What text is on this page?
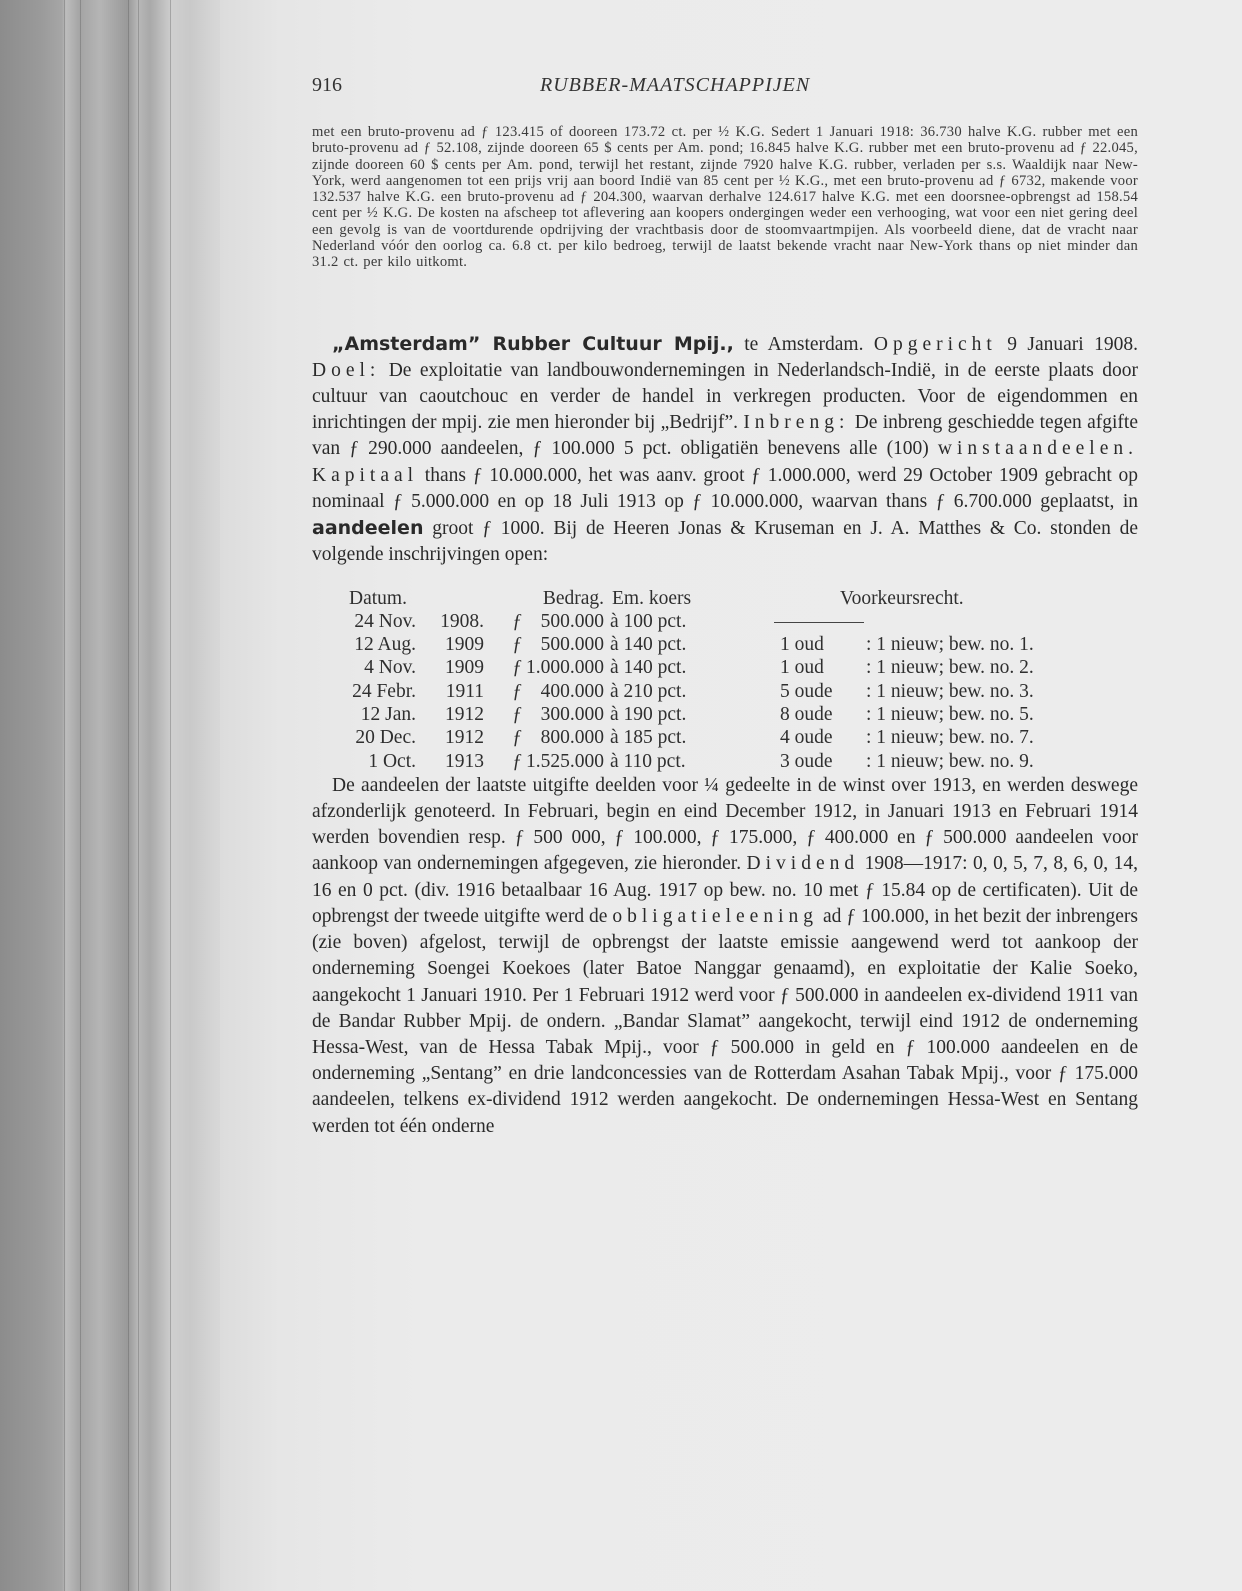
916	RUBBER-MAATSCHAPPIJEN

met een bruto-provenu ad ƒ 123.415 of dooreen 173.72 ct. per ½ K.G. Sedert 1 Januari 1918: 36.730 halve K.G. rubber met een bruto-provenu ad ƒ 52.108, zijnde dooreen 65 $ cents per Am. pond; 16.845 halve K.G. rubber met een bruto-provenu ad ƒ 22.045, zijnde dooreen 60 $ cents per Am. pond, terwijl het restant, zijnde 7920 halve K.G. rubber, verladen per s.s. Waaldijk naar New-York, werd aangenomen tot een prijs vrij aan boord Indië van 85 cent per ½ K.G., met een bruto-provenu ad ƒ 6732, makende voor 132.537 halve K.G. een bruto-provenu ad ƒ 204.300, waarvan derhalve 124.617 halve K.G. met een doorsnee-opbrengst ad 158.54 cent per ½ K.G. De kosten na afscheep tot aflevering aan koopers ondergingen weder een verhooging, wat voor een niet gering deel een gevolg is van de voortdurende opdrijving der vrachtbasis door de stoomvaartmpijen. Als voorbeeld diene, dat de vracht naar Nederland vóór den oorlog ca. 6.8 ct. per kilo bedroeg, terwijl de laatst bekende vracht naar New-York thans op niet minder dan 31.2 ct. per kilo uitkomt.

„Amsterdam” Rubber Cultuur Mpij., te Amsterdam. Opgericht 9 Januari 1908. Doel: De exploitatie van landbouwondernemingen in Nederlandsch-Indië, in de eerste plaats door cultuur van caoutchouc en verder de handel in verkregen producten. Voor de eigendommen en inrichtingen der mpij. zie men hieronder bij „Bedrijf”. Inbreng: De inbreng geschiedde tegen afgifte van ƒ 290.000 aandeelen, ƒ 100.000 5 pct. obligatiën benevens alle (100) winstaandeelen. Kapitaal thans ƒ 10.000.000, het was aanv. groot ƒ 1.000.000, werd 29 October 1909 gebracht op nominaal ƒ 5.000.000 en op 18 Juli 1913 op ƒ 10.000.000, waarvan thans ƒ 6.700.000 geplaatst, in aandeelen groot ƒ 1000. Bij de Heeren Jonas & Kruseman en J. A. Matthes & Co. stonden de volgende inschrijvingen open:

Datum.	Bedrag. Em. koers	Voorkeursrecht.
24 Nov.	1908.	ƒ 500.000 à 100 pct.
12 Aug.	1909	ƒ 500.000 à 140 pct.	1 oud	: 1 nieuw; bew. no. 1.
4 Nov.	1909	ƒ 1.000.000 à 140 pct.	1 oud	: 1 nieuw; bew. no. 2.
24 Febr.	1911	ƒ 400.000 à 210 pct.	5 oude	: 1 nieuw; bew. no. 3.
12 Jan.	1912	ƒ 300.000 à 190 pct.	8 oude	: 1 nieuw; bew. no. 5.
20 Dec.	1912	ƒ 800.000 à 185 pct.	4 oude	: 1 nieuw; bew. no. 7.
1 Oct.	1913	ƒ 1.525.000 à 110 pct.	3 oude	: 1 nieuw; bew. no. 9.

De aandeelen der laatste uitgifte deelden voor ¼ gedeelte in de winst over 1913, en werden deswege afzonderlijk genoteerd. In Februari, begin en eind December 1912, in Januari 1913 en Februari 1914 werden bovendien resp. ƒ 500 000, ƒ 100.000, ƒ 175.000, ƒ 400.000 en ƒ 500.000 aandeelen voor aankoop van ondernemingen afgegeven, zie hieronder. Dividend 1908—1917: 0, 0, 5, 7, 8, 6, 0, 14, 16 en 0 pct. (div. 1916 betaalbaar 16 Aug. 1917 op bew. no. 10 met ƒ 15.84 op de certificaten). Uit de opbrengst der tweede uitgifte werd de obligatieleening ad ƒ 100.000, in het bezit der inbrengers (zie boven) afgelost, terwijl de opbrengst der laatste emissie aangewend werd tot aankoop der onderneming Soengei Koekoes (later Batoe Nanggar genaamd), en exploitatie der Kalie Soeko, aangekocht 1 Januari 1910. Per 1 Februari 1912 werd voor ƒ 500.000 in aandeelen ex-dividend 1911 van de Bandar Rubber Mpij. de ondern. „Bandar Slamat” aangekocht, terwijl eind 1912 de onderneming Hessa-West, van de Hessa Tabak Mpij., voor ƒ 500.000 in geld en ƒ 100.000 aandeelen en de onderneming „Sentang” en drie landconcessies van de Rotterdam Asahan Tabak Mpij., voor ƒ 175.000 aandeelen, telkens ex-dividend 1912 werden aangekocht. De ondernemingen Hessa-West en Sentang werden tot één onderne
